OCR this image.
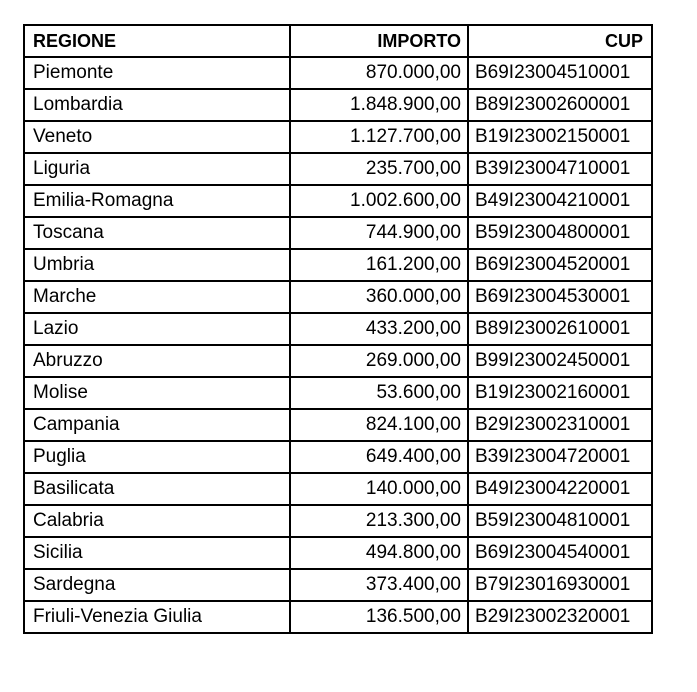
REGIONE	IMPORTO	CUP
Piemonte	870.000,00	B69I23004510001
Lombardia	1.848.900,00	B89I23002600001
Veneto	1.127.700,00	B19I23002150001
Liguria	235.700,00	B39I23004710001
Emilia-Romagna	1.002.600,00	B49I23004210001
Toscana	744.900,00	B59I23004800001
Umbria	161.200,00	B69I23004520001
Marche	360.000,00	B69I23004530001
Lazio	433.200,00	B89I23002610001
Abruzzo	269.000,00	B99I23002450001
Molise	53.600,00	B19I23002160001
Campania	824.100,00	B29I23002310001
Puglia	649.400,00	B39I23004720001
Basilicata	140.000,00	B49I23004220001
Calabria	213.300,00	B59I23004810001
Sicilia	494.800,00	B69I23004540001
Sardegna	373.400,00	B79I23016930001
Friuli-Venezia Giulia	136.500,00	B29I23002320001
